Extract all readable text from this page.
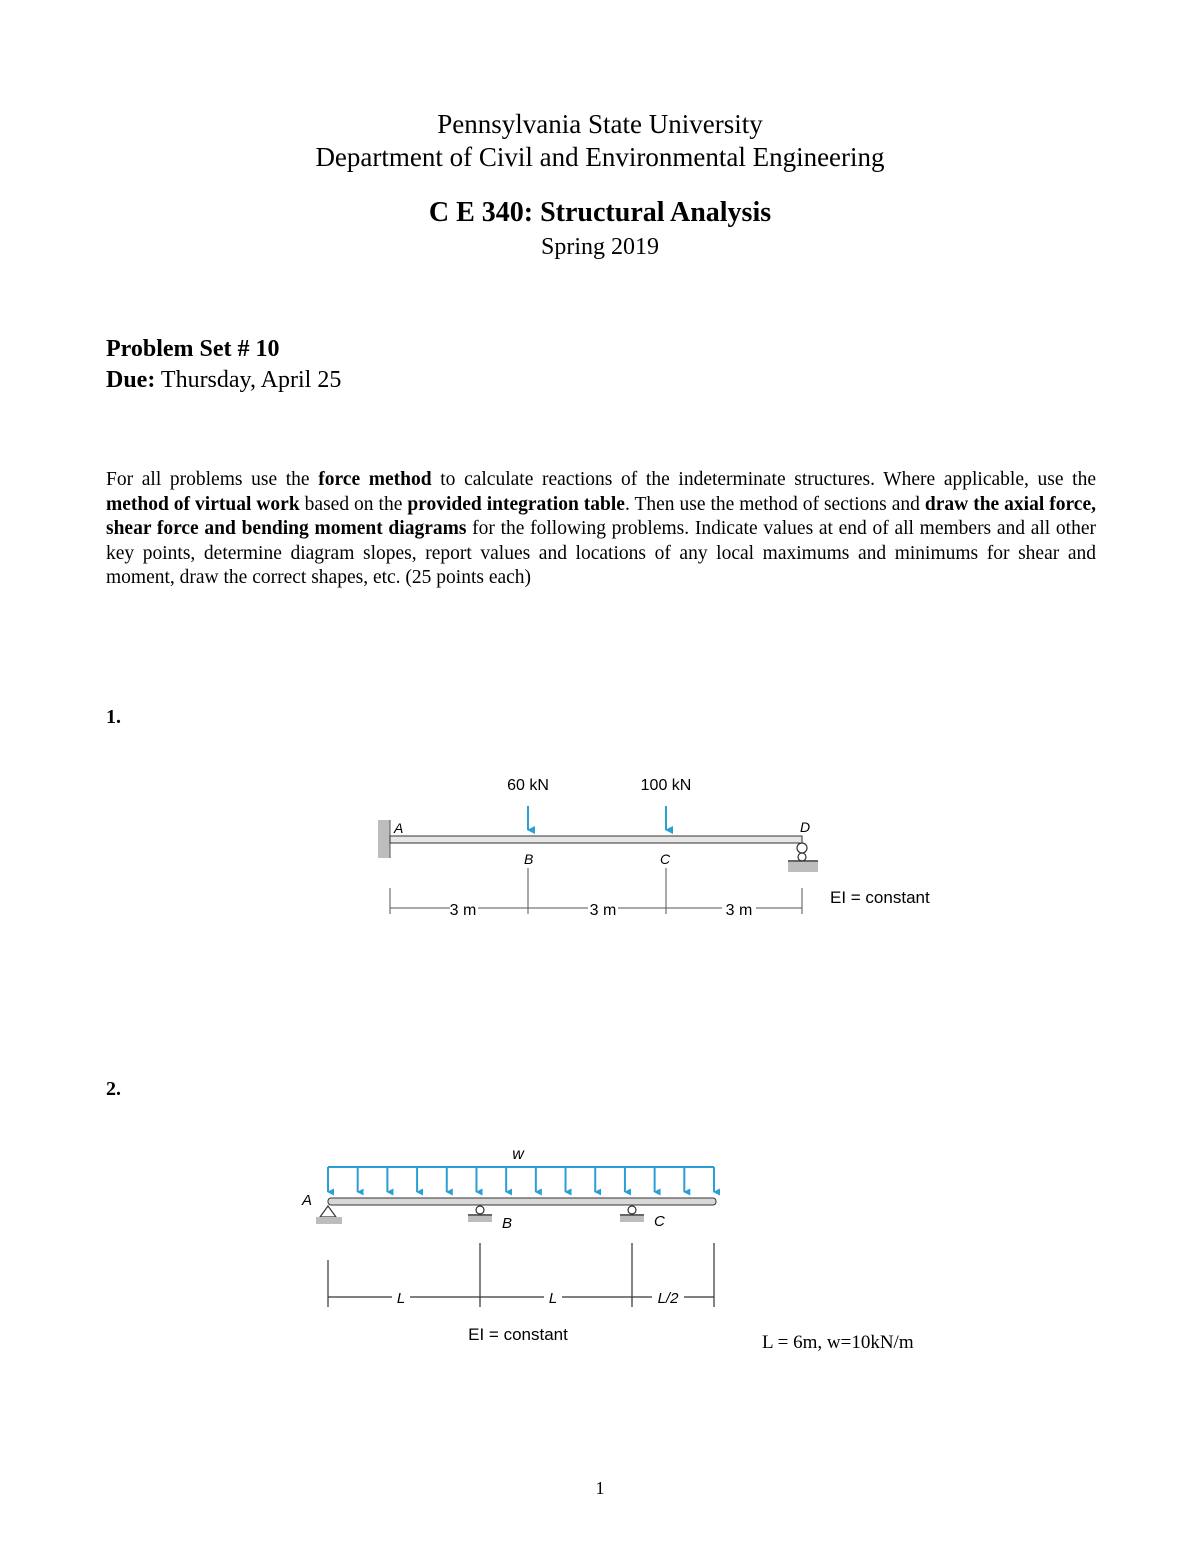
Pennsylvania State University
Department of Civil and Environmental Engineering
C E 340: Structural Analysis
Spring 2019
Problem Set # 10
Due: Thursday, April 25
For all problems use the force method to calculate reactions of the indeterminate structures. Where applicable, use the method of virtual work based on the provided integration table. Then use the method of sections and draw the axial force, shear force and bending moment diagrams for the following problems. Indicate values at end of all members and all other key points, determine diagram slopes, report values and locations of any local maximums and minimums for shear and moment, draw the correct shapes, etc. (25 points each)
1.
A
B	C
D
60 kN	100 kN
3 m	3 m	3 m
EI = constant
2.
w
A
B	C
L	L	L/2
EI = constant	L = 6m, w=10kN/m
1
